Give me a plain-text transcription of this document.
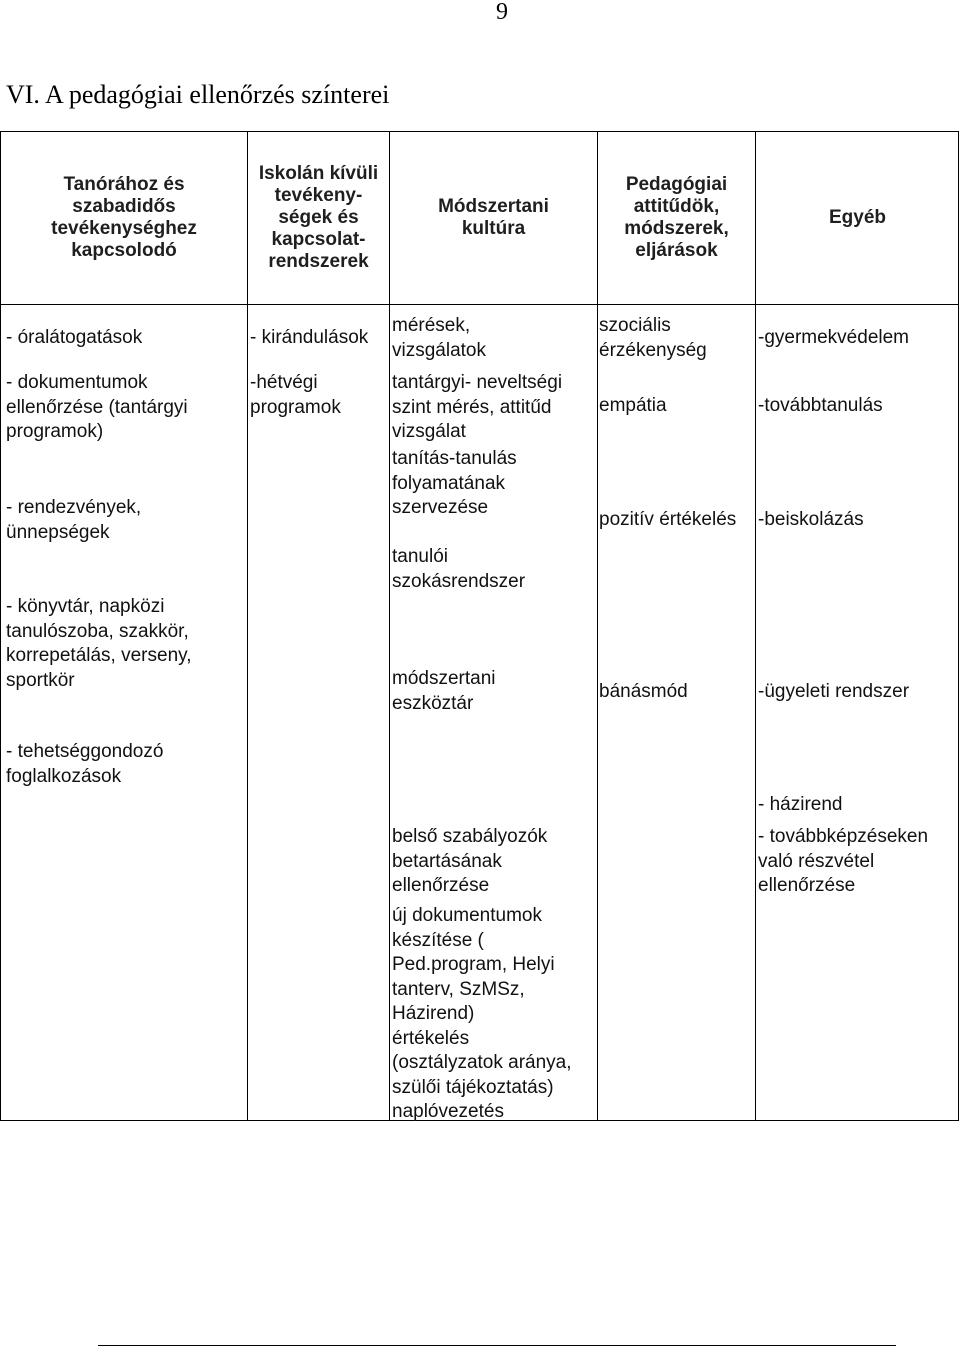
9
VI. A pedagógiai ellenőrzés színterei
Tanórához és
szabadidős
tevékenységhez
kapcsolodó
Iskolán kívüli
tevékeny-
ségek és
kapcsolat-
rendszerek
Módszertani
kultúra
Pedagógiai
attitűdök,
módszerek,
eljárások
Egyéb
- óralátogatások
- dokumentumok
ellenőrzése (tantárgyi
programok)
- rendezvények,
ünnepségek
- könyvtár, napközi
tanulószoba, szakkör,
korrepetálás, verseny,
sportkör
- tehetséggondozó
foglalkozások
- kirándulások
-hétvégi
programok
mérések,
vizsgálatok
tantárgyi- neveltségi
szint mérés, attitűd
vizsgálat
tanítás-tanulás
folyamatának
szervezése
tanulói
szokásrendszer
módszertani
eszköztár
belső szabályozók
betartásának
ellenőrzése
új dokumentumok
készítése (
Ped.program, Helyi
tanterv, SzMSz,
Házirend)
értékelés
(osztályzatok aránya,
szülői tájékoztatás)
naplóvezetés
szociális
érzékenység
empátia
pozitív értékelés
bánásmód
-gyermekvédelem
-továbbtanulás
-beiskolázás
-ügyeleti rendszer
- házirend
- továbbképzéseken
való részvétel
ellenőrzése
